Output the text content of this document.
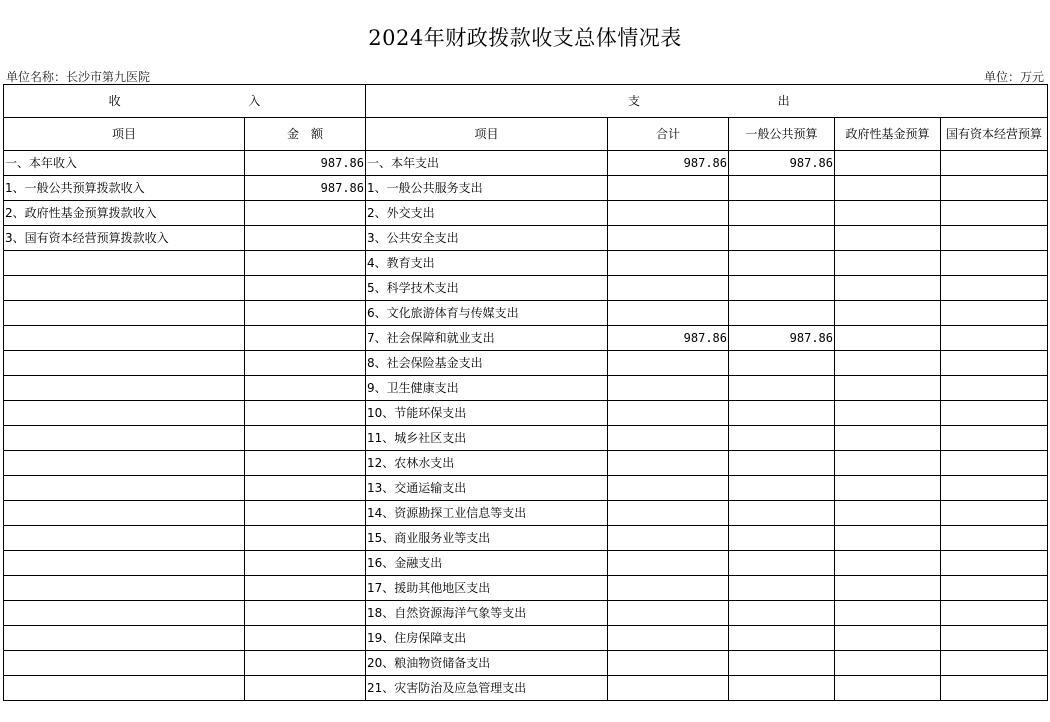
2024年财政拨款收支总体情况表
单位名称：长沙市第九医院	单位：万元
收 入		支 出				
项目	金　额	项目	合计	一般公共预算	政府性基金预算	国有资本经营预算
一、本年收入	987.86	一、本年支出	987.86	987.86		
1、一般公共预算拨款收入	987.86	1、一般公共服务支出				
2、政府性基金预算拨款收入		2、外交支出				
3、国有资本经营预算拨款收入		3、公共安全支出				
		4、教育支出				
		5、科学技术支出				
		6、文化旅游体育与传媒支出				
		7、社会保障和就业支出	987.86	987.86		
		8、社会保险基金支出				
		9、卫生健康支出				
		10、节能环保支出				
		11、城乡社区支出				
		12、农林水支出				
		13、交通运输支出				
		14、资源勘探工业信息等支出				
		15、商业服务业等支出				
		16、金融支出				
		17、援助其他地区支出				
		18、自然资源海洋气象等支出				
		19、住房保障支出				
		20、粮油物资储备支出				
		21、灾害防治及应急管理支出				
